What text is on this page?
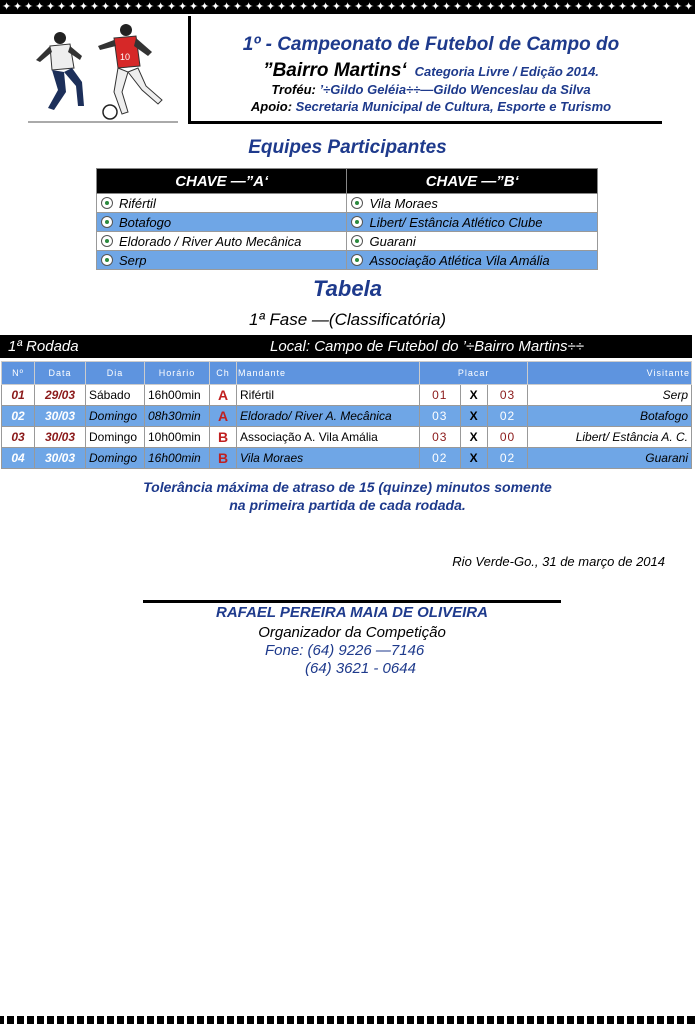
✦ ✦ ✦ ✦ ✦ ✦ ✦ ✦ ✦ ✦ ✦ ✦ ✦ ✦ ✦ ✦ ✦ ✦ ✦ ✦ ✦ ✦ ✦ ✦ ✦ ✦ ✦ ✦ ✦ ✦ ✦ ✦ ✦ ✦ ✦ ✦ ✦ ✦ ✦ ✦ ✦ ✦ ✦ ✦ ✦ ✦ ✦ ✦ ✦ ✦ ✦ ✦ ✦ ✦ ✦ ✦ ✦ ✦ ✦ ✦ ✦ ✦ ✦
10
1º - Campeonato de Futebol de Campo do
”Bairro Martins‘ Categoria Livre / Edição 2014.
Troféu: ’÷Gildo Geléia÷÷—Gildo Wenceslau da Silva
Apoio: Secretaria Municipal de Cultura, Esporte e Turismo
Equipes Participantes
CHAVE —”A‘	CHAVE —”B‘
Rifértil	Vila Moraes
Botafogo	Libert/ Estância Atlético Clube
Eldorado / River Auto Mecânica	Guarani
Serp	Associação Atlética Vila Amália
Tabela
1ª Fase —(Classificatória)
1ª Rodada	Local: Campo de Futebol do ’÷Bairro Martins÷÷
Nº	Data	Dia	Horário	Ch	Mandante	Placar			Visitante
01	29/03	Sábado	16h00min	A	Rifértil	01	X	03	Serp
02	30/03	Domingo	08h30min	A	Eldorado/ River A. Mecânica	03	X	02	Botafogo
03	30/03	Domingo	10h00min	B	Associação A. Vila Amália	03	X	00	Libert/ Estância A. C.
04	30/03	Domingo	16h00min	B	Vila Moraes	02	X	02	Guarani
Tolerância máxima de atraso de 15 (quinze) minutos somente
na primeira partida de cada rodada.
Rio Verde-Go., 31 de março de 2014
RAFAEL PEREIRA MAIA DE OLIVEIRA
Organizador da Competição
Fone: (64) 9226 —7146
(64) 3621 - 0644
